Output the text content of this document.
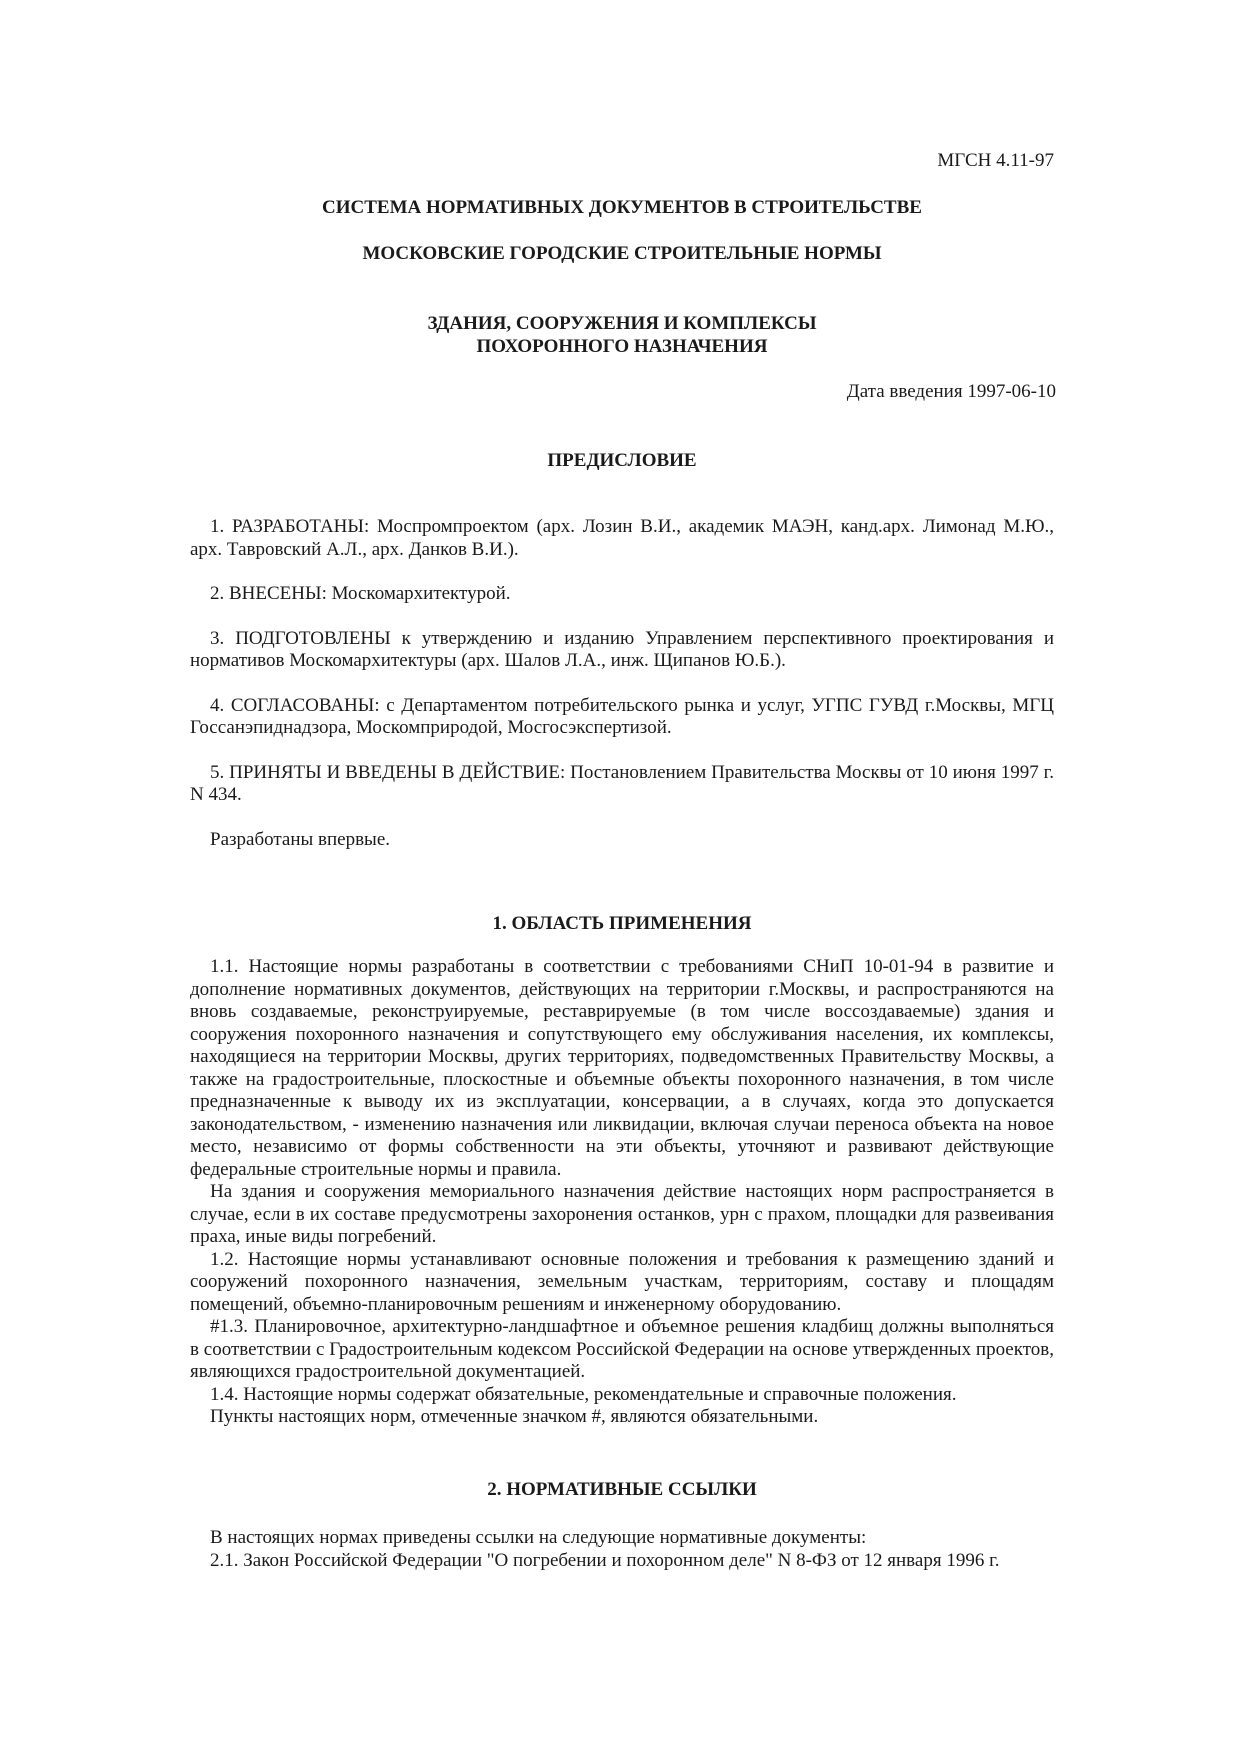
МГСН 4.11-97
СИСТЕМА НОРМАТИВНЫХ ДОКУМЕНТОВ В СТРОИТЕЛЬСТВЕ
МОСКОВСКИЕ ГОРОДСКИЕ СТРОИТЕЛЬНЫЕ НОРМЫ
ЗДАНИЯ, СООРУЖЕНИЯ И КОМПЛЕКСЫ
ПОХОРОННОГО НАЗНАЧЕНИЯ
Дата введения 1997-06-10
ПРЕДИСЛОВИЕ

1. РАЗРАБОТАНЫ: Моспромпроектом (арх. Лозин В.И., академик МАЭН, канд.арх. Лимонад М.Ю., арх. Тавровский А.Л., арх. Данков В.И.).

2. ВНЕСЕНЫ: Москомархитектурой.

3. ПОДГОТОВЛЕНЫ к утверждению и изданию Управлением перспективного проектирования и нормативов Москомархитектуры (арх. Шалов Л.А., инж. Щипанов Ю.Б.).

4. СОГЛАСОВАНЫ: с Департаментом потребительского рынка и услуг, УГПС ГУВД г.Москвы, МГЦ Госсанэпиднадзора, Москомприродой, Мосгосэкспертизой.

5. ПРИНЯТЫ И ВВЕДЕНЫ В ДЕЙСТВИЕ: Постановлением Правительства Москвы от 10 июня 1997 г. N 434.

Разработаны впервые.

1. ОБЛАСТЬ ПРИМЕНЕНИЯ

1.1. Настоящие нормы разработаны в соответствии с требованиями СНиП 10-01-94 в развитие и дополнение нормативных документов, действующих на территории г.Москвы, и распространяются на вновь создаваемые, реконструируемые, реставрируемые (в том числе воссоздаваемые) здания и сооружения похоронного назначения и сопутствующего ему обслуживания населения, их комплексы, находящиеся на территории Москвы, других территориях, подведомственных Правительству Москвы, а также на градостроительные, плоскостные и объемные объекты похоронного назначения, в том числе предназначенные к выводу их из эксплуатации, консервации, а в случаях, когда это допускается законодательством, - изменению назначения или ликвидации, включая случаи переноса объекта на новое место, независимо от формы собственности на эти объекты, уточняют и развивают действующие федеральные строительные нормы и правила.

На здания и сооружения мемориального назначения действие настоящих норм распространяется в случае, если в их составе предусмотрены захоронения останков, урн с прахом, площадки для развеивания праха, иные виды погребений.

1.2. Настоящие нормы устанавливают основные положения и требования к размещению зданий и сооружений похоронного назначения, земельным участкам, территориям, составу и площадям помещений, объемно-планировочным решениям и инженерному оборудованию.

#1.3. Планировочное, архитектурно-ландшафтное и объемное решения кладбищ должны выполняться в соответствии с Градостроительным кодексом Российской Федерации на основе утвержденных проектов, являющихся градостроительной документацией.

1.4. Настоящие нормы содержат обязательные, рекомендательные и справочные положения.

Пункты настоящих норм, отмеченные значком #, являются обязательными.

2. НОРМАТИВНЫЕ ССЫЛКИ

В настоящих нормах приведены ссылки на следующие нормативные документы:

2.1. Закон Российской Федерации "О погребении и похоронном деле" N 8-ФЗ от 12 января 1996 г.
